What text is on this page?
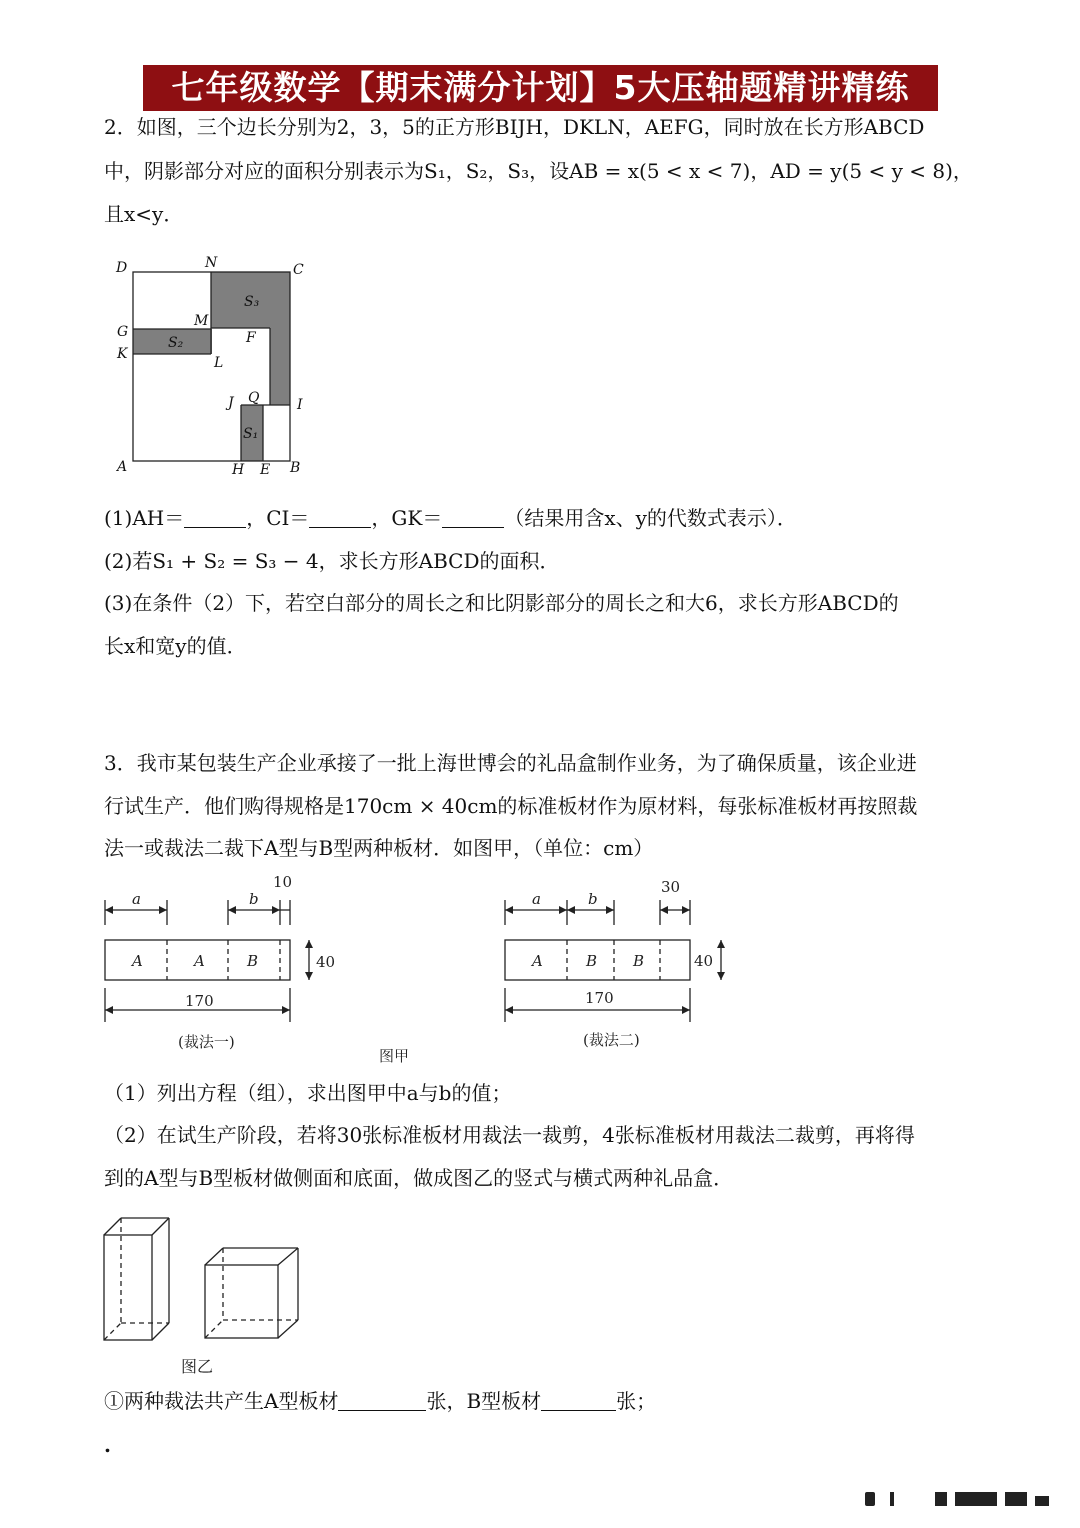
七年级数学【期末满分计划】5大压轴题精讲精练
2．如图，三个边长分别为2，3，5的正方形BIJH，DKLN，AEFG，同时放在长方形ABCD
中，阴影部分对应的面积分别表示为S₁，S₂，S₃，设AB = x(5 < x < 7)，AD = y(5 < y < 8)，
且x<y．
D	N	C
G
K
M
S₃
S₂	F
L
J Q	I
S₁
A	H E B
(1)AH＝	，CI＝	，GK＝	（结果用含x、y的代数式表示）．
(2)若S₁ + S₂ = S₃ − 4，求长方形ABCD的面积．
(3)在条件（2）下，若空白部分的周长之和比阴影部分的周长之和大6，求长方形ABCD的
长x和宽y的值．
3．我市某包装生产企业承接了一批上海世博会的礼品盒制作业务，为了确保质量，该企业进
行试生产．他们购得规格是170cm × 40cm的标准板材作为原材料，每张标准板材再按照裁
法一或裁法二裁下A型与B型两种板材．如图甲，（单位：cm）
a	b
10
40
170
A	A	B
(裁法一)
a	b
30
40
170
A	B B
(裁法二)
图甲
（1）列出方程（组），求出图甲中a与b的值；
（2）在试生产阶段，若将30张标准板材用裁法一裁剪，4张标准板材用裁法二裁剪，再将得
到的A型与B型板材做侧面和底面，做成图乙的竖式与横式两种礼品盒．
图乙
①两种裁法共产生A型板材	张，B型板材	张；
.
